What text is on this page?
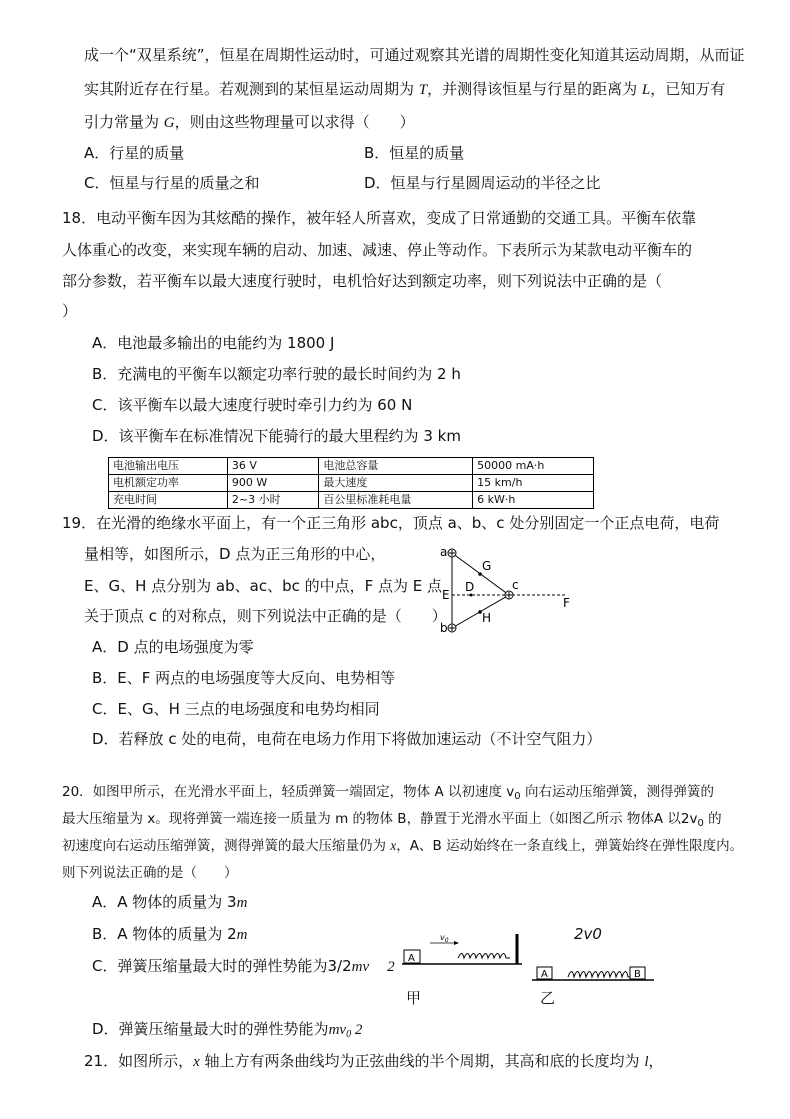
成一个“双星系统”，恒星在周期性运动时，可通过观察其光谱的周期性变化知道其运动周期，从而证
实其附近存在行星。若观测到的某恒星运动周期为 T，并测得该恒星与行星的距离为 L，已知万有
引力常量为 G，则由这些物理量可以求得（　　）
A．行星的质量	B．恒星的质量
C．恒星与行星的质量之和	D．恒星与行星圆周运动的半径之比
18．电动平衡车因为其炫酷的操作，被年轻人所喜欢，变成了日常通勤的交通工具。平衡车依靠
人体重心的改变，来实现车辆的启动、加速、减速、停止等动作。下表所示为某款电动平衡车的
部分参数，若平衡车以最大速度行驶时，电机恰好达到额定功率，则下列说法中正确的是（
）
A．电池最多输出的电能约为 1800 J
B．充满电的平衡车以额定功率行驶的最长时间约为 2 h
C．该平衡车以最大速度行驶时牵引力约为 60 N
D．该平衡车在标准情况下能骑行的最大里程约为 3 km
电池输出电压	36 V	电池总容量	50000 mA·h
电机额定功率	900 W	最大速度	15 km/h
充电时间	2~3 小时	百公里标准耗电量	6 kW·h
19．在光滑的绝缘水平面上，有一个正三角形 abc，顶点 a、b、c 处分别固定一个正点电荷，电荷
量相等，如图所示，D 点为正三角形的中心，
E、G、H 点分别为 ab、ac、bc 的中点，F 点为 E 点
关于顶点 c 的对称点，则下列说法中正确的是（　　）
A．D 点的电场强度为零
B．E、F 两点的电场强度等大反向、电势相等
C．E、G、H 三点的电场强度和电势均相同
D．若释放 c 处的电荷，电荷在电场力作用下将做加速运动（不计空气阻力）
a
b
c
D
E
F
G
H
20．如图甲所示，在光滑水平面上，轻质弹簧一端固定，物体 A 以初速度 $v_0$ 向右运动压缩弹簧，测得弹簧的
最大压缩量为 x。现将弹簧一端连接一质量为 m 的物体 B，静置于光滑水平面上（如图乙所示 物体A 以$2v_0$ 的
初速度向右运动压缩弹簧，测得弹簧的最大压缩量仍为 x，A、B 运动始终在一条直线上，弹簧始终在弹性限度内。
则下列说法正确的是（　　）
A．A 物体的质量为 3m
B．A 物体的质量为 2m
C．弹簧压缩量最大时的弹性势能为3/2mv 2
D．弹簧压缩量最大时的弹性势能为$mv_0$ 2
A
$v_0$
甲
2v0
A	B
乙
21．如图所示，x 轴上方有两条曲线均为正弦曲线的半个周期，其高和底的长度均为 l，
